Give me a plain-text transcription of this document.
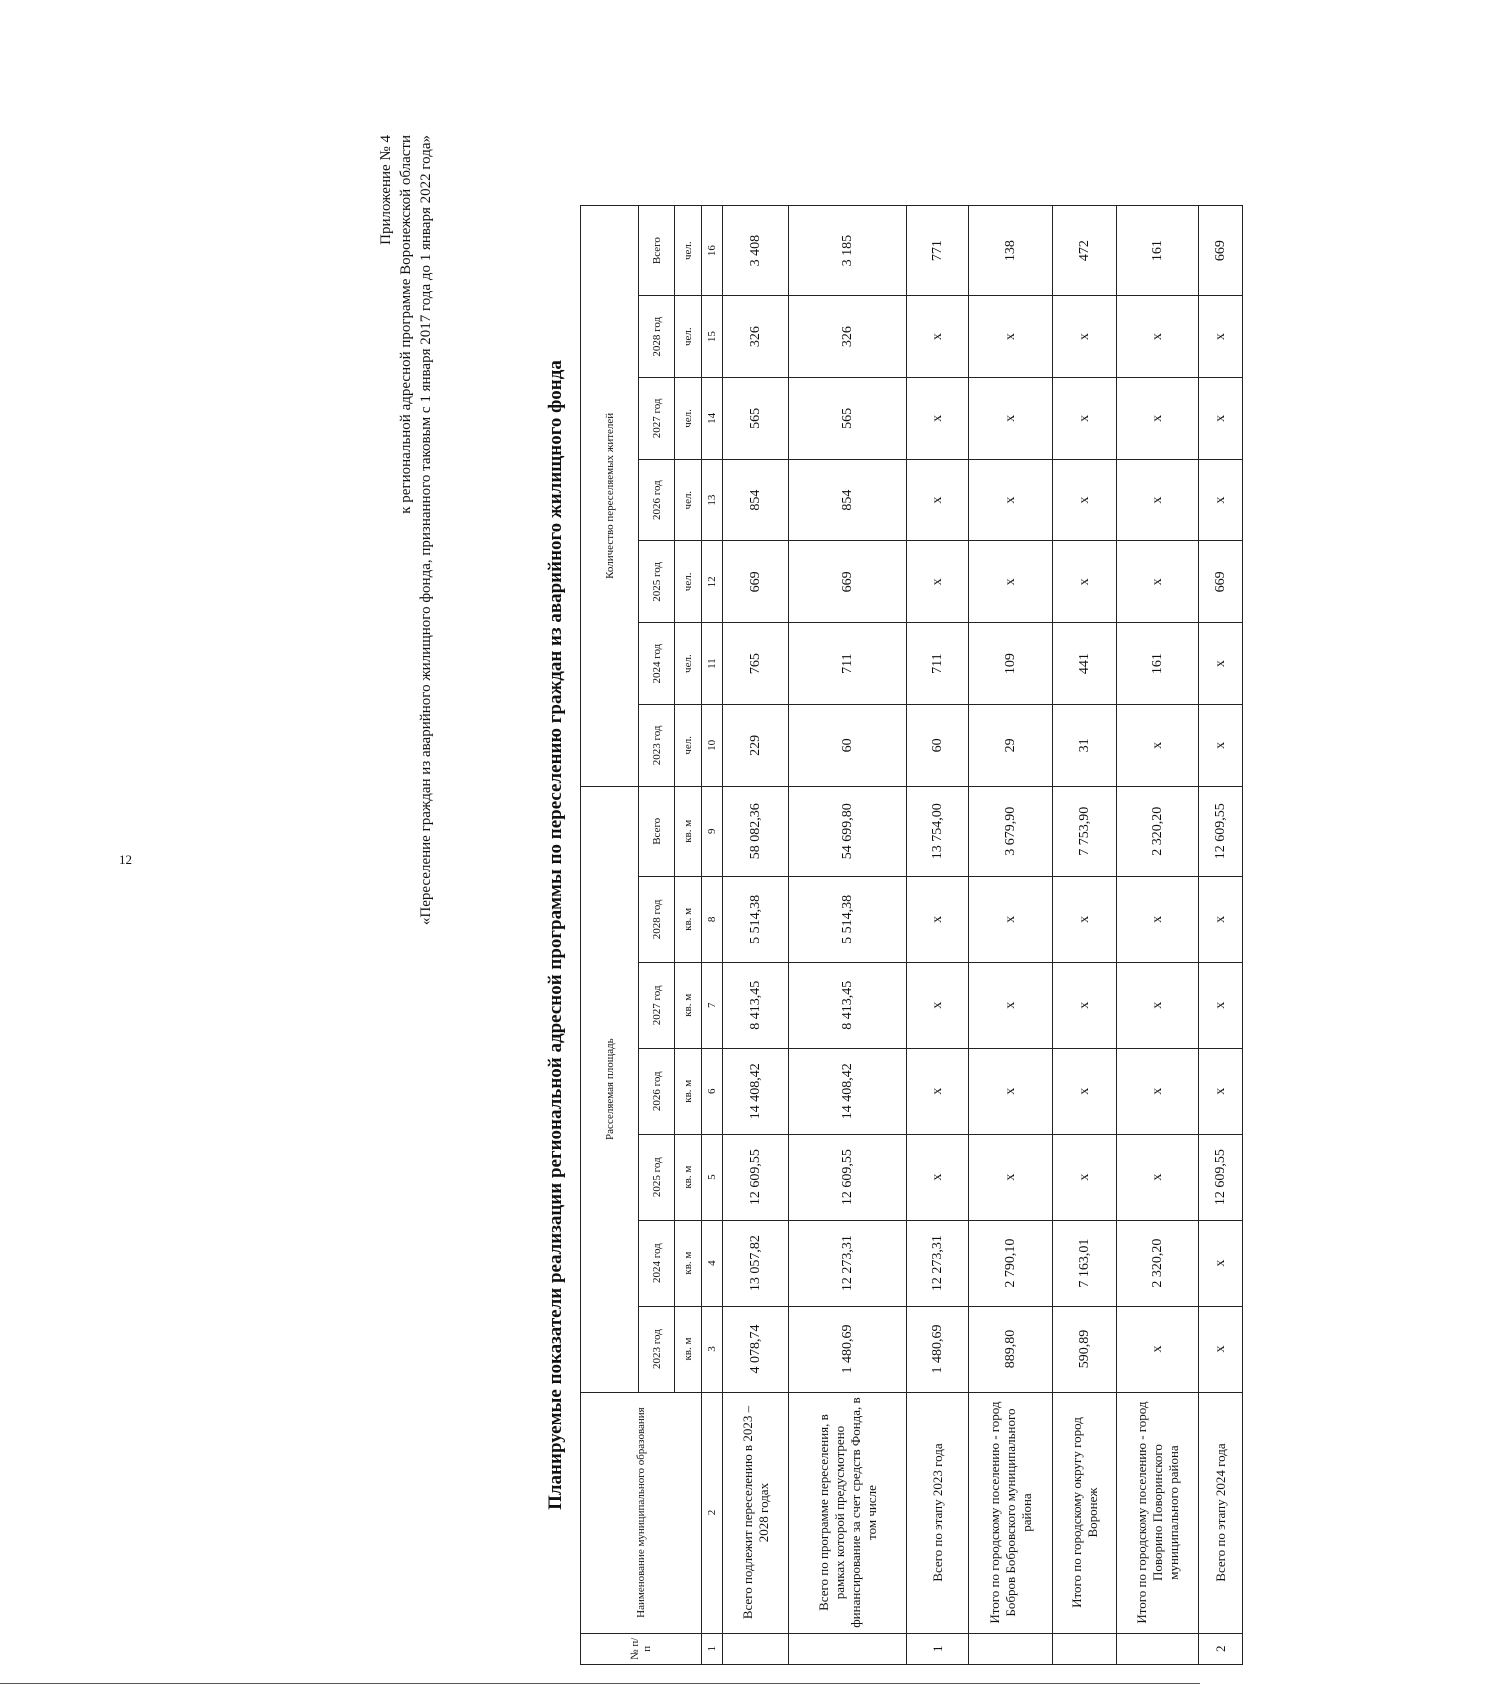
12
Приложение № 4 к региональной адресной программе Воронежской области «Переселение граждан из аварийного жилищного фонда, признанного таковым с 1 января 2017 года до 1 января 2022 года»	Планируемые показатели реализации региональной адресной программы по переселению граждан из аварийного жилищного фонда
№ п/п	Наименование муниципального образования	Расселяемая площадь							Количество переселяемых жителей						
		2023 год	2024 год	2025 год	2026 год	2027 год	2028 год	Всего	2023 год	2024 год	2025 год	2026 год	2027 год	2028 год	Всего
		кв. м	кв. м	кв. м	кв. м	кв. м	кв. м	кв. м	чел.	чел.	чел.	чел.	чел.	чел.	чел.
1	2	3	4	5	6	7	8	9	10	11	12	13	14	15	16
	Всего подлежит переселению в 2023 – 2028 годах	4 078,74	13 057,82	12 609,55	14 408,42	8 413,45	5 514,38	58 082,36	229	765	669	854	565	326	3 408
	Всего по программе переселения, в рамках которой предусмотрено финансирование за счет средств Фонда, в том числе	1 480,69	12 273,31	12 609,55	14 408,42	8 413,45	5 514,38	54 699,80	60	711	669	854	565	326	3 185
1	Всего по этапу 2023 года	1 480,69	12 273,31	x	x	x	x	13 754,00	60	711	x	x	x	x	771
	Итого по городскому поселению - город Бобров Бобровского муниципального района	889,80	2 790,10	x	x	x	x	3 679,90	29	109	x	x	x	x	138
	Итого по городскому округу город Воронеж	590,89	7 163,01	x	x	x	x	7 753,90	31	441	x	x	x	x	472
	Итого по городскому поселению - город Поворино Поворинского муниципального района	x	2 320,20	x	x	x	x	2 320,20	x	161	x	x	x	x	161
2	Всего по этапу 2024 года	x	x	12 609,55	x	x	x	12 609,55	x	x	669	x	x	x	669
